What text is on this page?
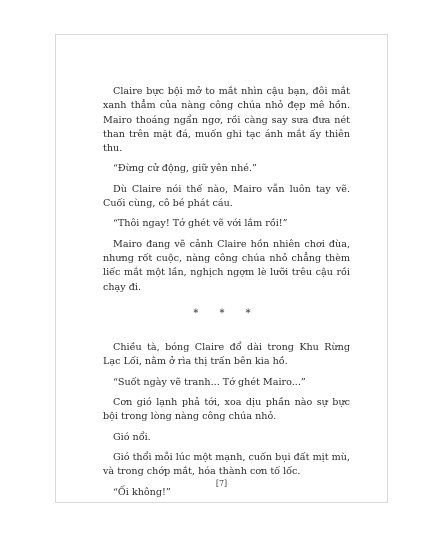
Claire bực bội mở to mắt nhìn cậu bạn, đôi mắt xanh thẳm của nàng công chúa nhỏ đẹp mê hồn. Mairo thoáng ngẩn ngơ, rồi càng say sưa đưa nét than trên mặt đá, muốn ghi tạc ánh mắt ấy thiên thu.

“Đừng cử động, giữ yên nhé.”

Dù Claire nói thế nào, Mairo vẫn luôn tay vẽ. Cuối cùng, cô bé phát cáu.

“Thôi ngay! Tớ ghét vẽ với lắm rồi!”

Mairo đang vẽ cảnh Claire hồn nhiên chơi đùa, nhưng rốt cuộc, nàng công chúa nhỏ chẳng thèm liếc mắt một lần, nghịch ngợm lè lưỡi trêu cậu rồi chạy đi.

* * *

Chiều tà, bóng Claire đổ dài trong Khu Rừng Lạc Lối, nằm ở rìa thị trấn bên kia hồ.

“Suốt ngày vẽ tranh... Tớ ghét Mairo...”

Cơn gió lạnh phả tới, xoa dịu phần nào sự bực bội trong lòng nàng công chúa nhỏ.

Gió nổi.

Gió thổi mỗi lúc một mạnh, cuốn bụi đất mịt mù, và trong chớp mắt, hóa thành cơn tố lốc.

“Ối không!”

[7]
